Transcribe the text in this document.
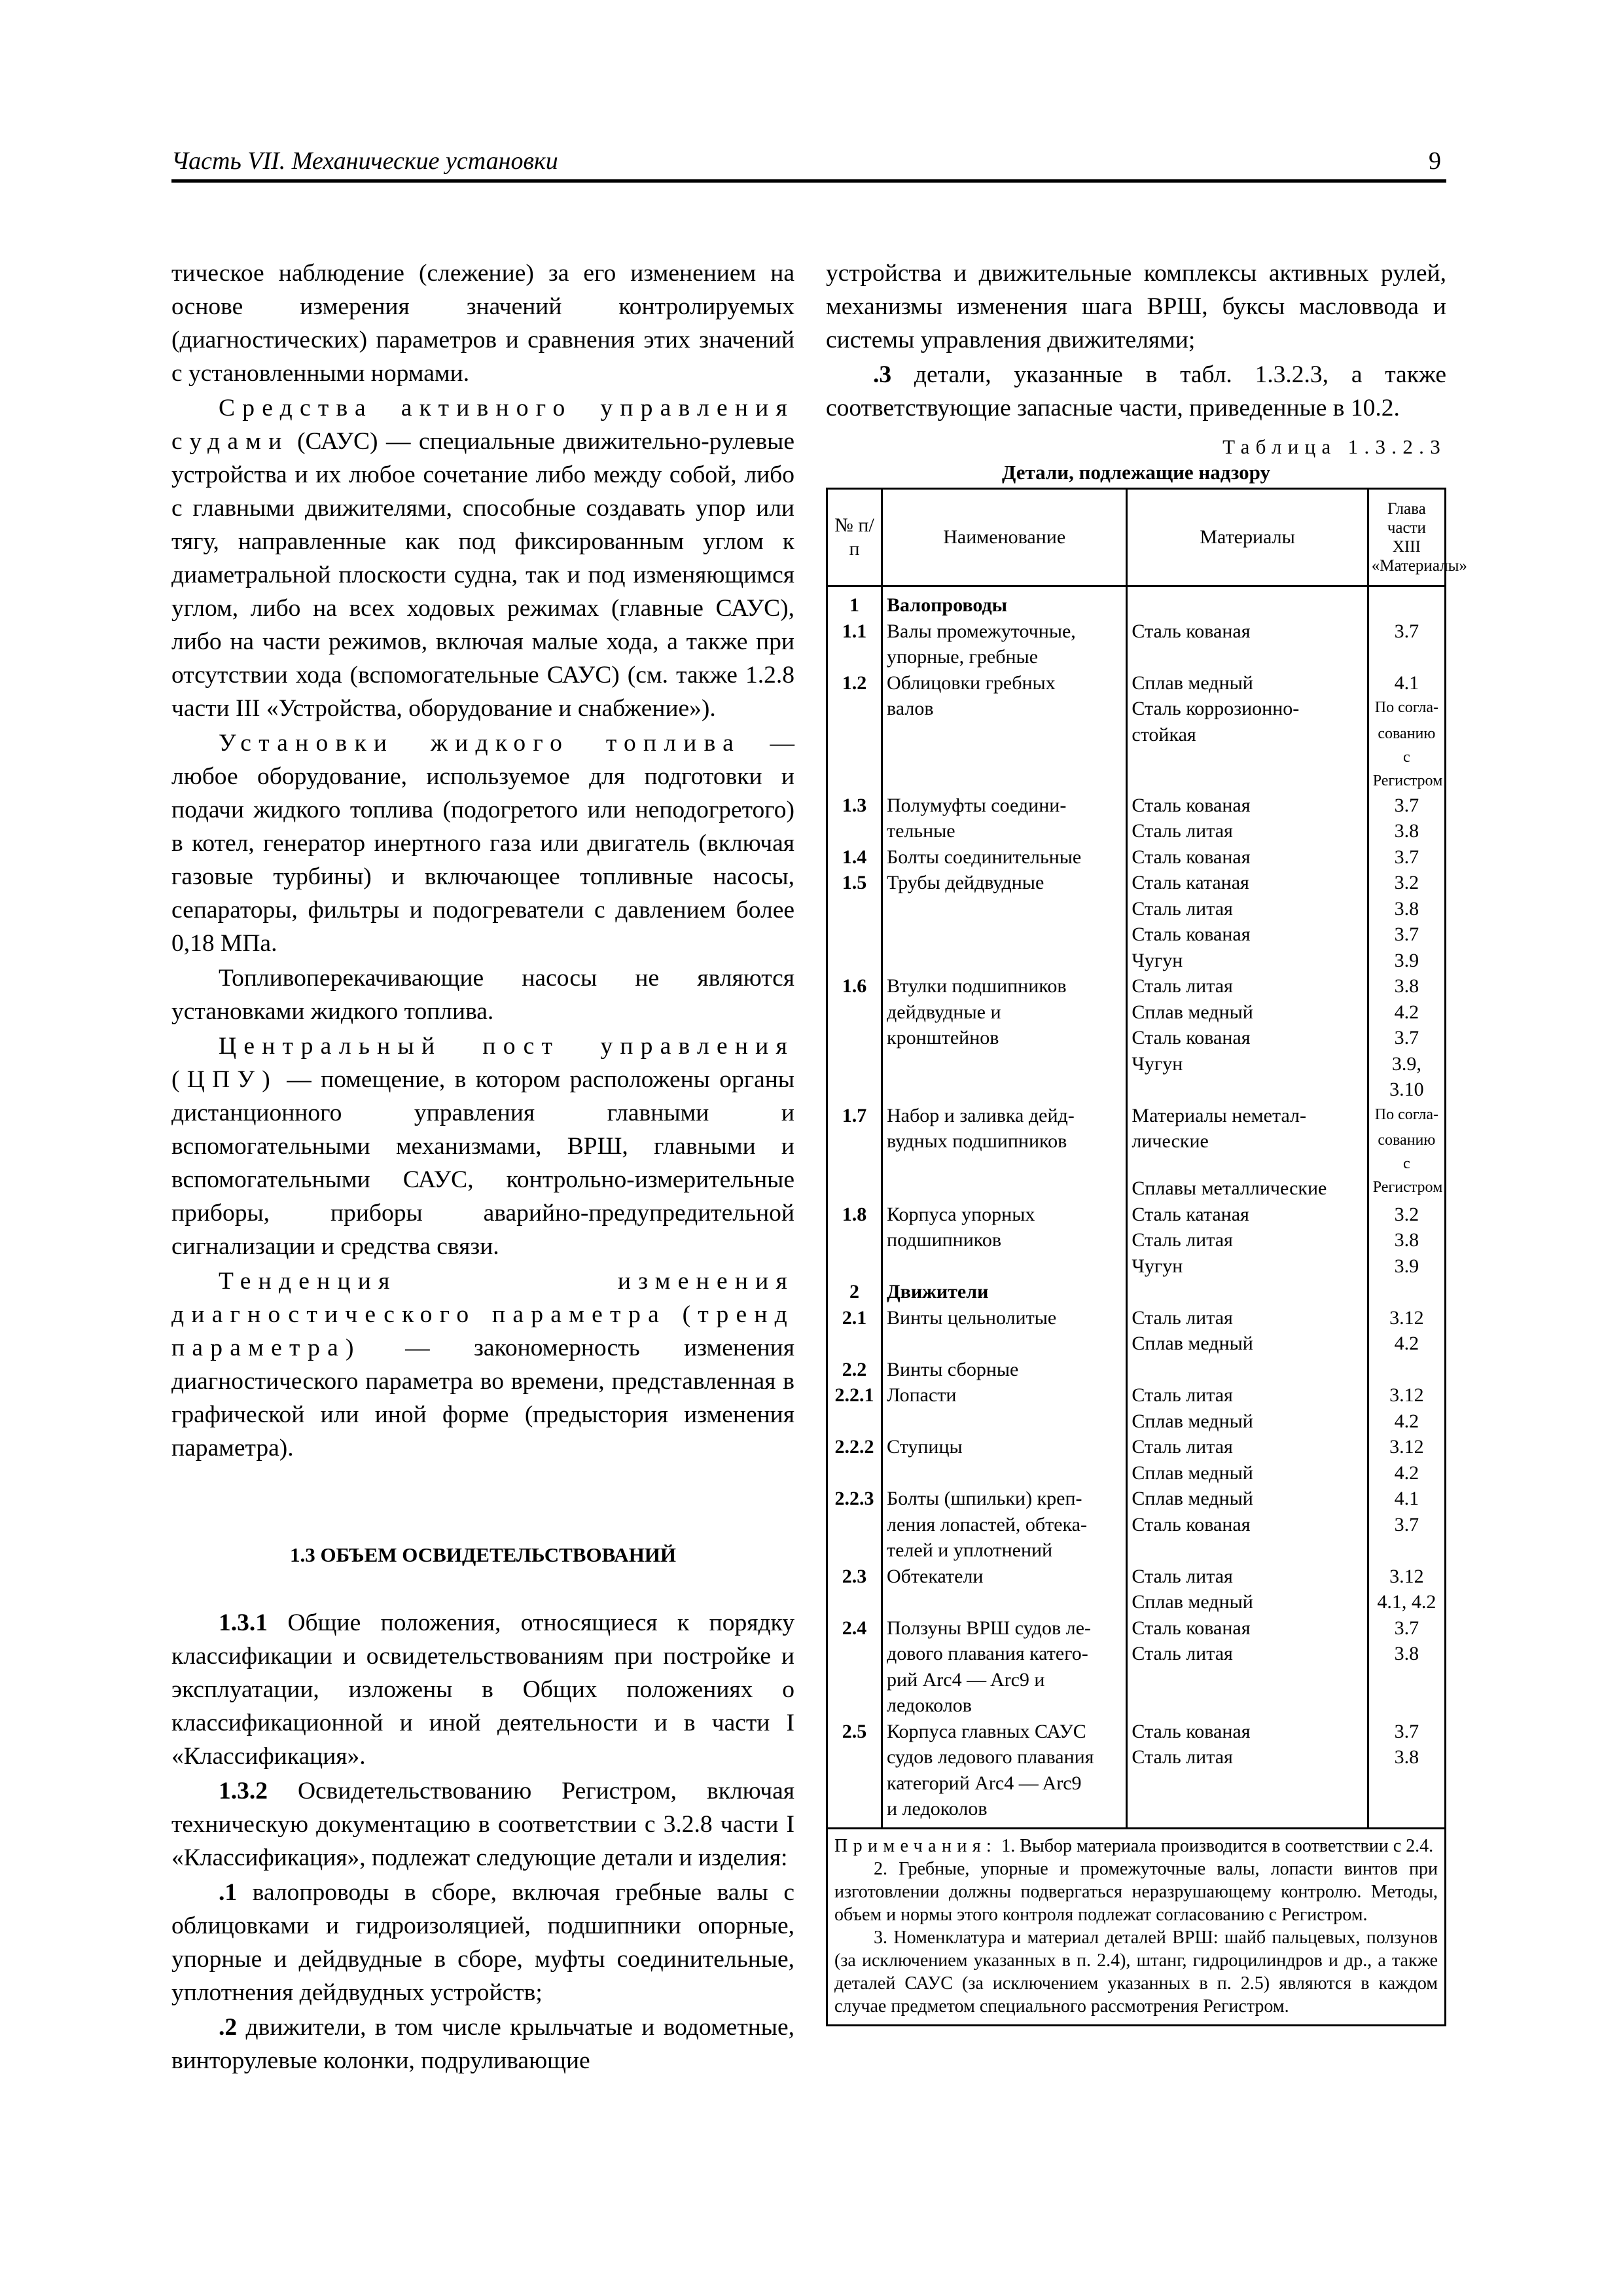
Часть VII. Механические установки	9

тическое наблюдение (слежение) за его изменением на основе измерения значений контролируемых (диагностических) параметров и сравнения этих значений с установленными нормами.

Средства активного управления судами (САУС) — специальные движительно-рулевые устройства и их любое сочетание либо между собой, либо с главными движителями, способные создавать упор или тягу, направленные как под фиксированным углом к диаметральной плоскости судна, так и под изменяющимся углом, либо на всех ходовых режимах (главные САУС), либо на части режимов, включая малые хода, а также при отсутствии хода (вспомогательные САУС) (см. также 1.2.8 части III «Устройства, оборудование и снабжение»).

Установки жидкого топлива — любое оборудование, используемое для подготовки и подачи жидкого топлива (подогретого или неподогретого) в котел, генератор инертного газа или двигатель (включая газовые турбины) и включающее топливные насосы, сепараторы, фильтры и подогреватели с давлением более 0,18 МПа.

Топливоперекачивающие насосы не являются установками жидкого топлива.

Центральный пост управления (ЦПУ) — помещение, в котором расположены органы дистанционного управления главными и вспомогательными механизмами, ВРШ, главными и вспомогательными САУС, контрольно-измерительные приборы, приборы аварийно-предупредительной сигнализации и средства связи.

Тенденция изменения диагностического параметра (тренд параметра) — закономерность изменения диагностического параметра во времени, представленная в графической или иной форме (предыстория изменения параметра).

1.3 ОБЪЕМ ОСВИДЕТЕЛЬСТВОВАНИЙ

1.3.1 Общие положения, относящиеся к порядку классификации и освидетельствованиям при постройке и эксплуатации, изложены в Общих положениях о классификационной и иной деятельности и в части I «Классификация».

1.3.2 Освидетельствованию Регистром, включая техническую документацию в соответствии с 3.2.8 части I «Классификация», подлежат следующие детали и изделия:

.1 валопроводы в сборе, включая гребные валы с облицовками и гидроизоляцией, подшипники опорные, упорные и дейдвудные в сборе, муфты соединительные, уплотнения дейдвудных устройств;

.2 движители, в том числе крыльчатые и водометные, винторулевые колонки, подруливающие

устройства и движительные комплексы активных рулей, механизмы изменения шага ВРШ, буксы масловвода и системы управления движителями;

.3 детали, указанные в табл. 1.3.2.3, а также соответствующие запасные части, приведенные в 10.2.

Таблица 1.3.2.3
Детали, подлежащие надзору
№ п/п	Наименование	Материалы	Глава части XIII «Материалы»
1	Валопроводы		
1.1	Валы промежуточные,	Сталь кованая	3.7
	упорные, гребные		
1.2	Облицовки гребных	Сплав медный	4.1
	валов	Сталь коррозионно-	По согла-
		стойкая	сованию с
			Регистром
1.3	Полумуфты соедини-	Сталь кованая	3.7
	тельные	Сталь литая	3.8
1.4	Болты соединительные	Сталь кованая	3.7
1.5	Трубы дейдвудные	Сталь катаная	3.2
		Сталь литая	3.8
		Сталь кованая	3.7
		Чугун	3.9
1.6	Втулки подшипников	Сталь литая	3.8
	дейдвудные и	Сплав медный	4.2
	кронштейнов	Сталь кованая	3.7
		Чугун	3.9, 3.10
1.7	Набор и заливка дейд-	Материалы неметал-	По согла-
	вудных подшипников	лические	сованию с
		Сплавы металлические	Регистром
1.8	Корпуса упорных	Сталь катаная	3.2
	подшипников	Сталь литая	3.8
		Чугун	3.9
2	Движители		
2.1	Винты цельнолитые	Сталь литая	3.12
		Сплав медный	4.2
2.2	Винты сборные		
2.2.1	Лопасти	Сталь литая	3.12
		Сплав медный	4.2
2.2.2	Ступицы	Сталь литая	3.12
		Сплав медный	4.2
2.2.3	Болты (шпильки) креп-	Сплав медный	4.1
	ления лопастей, обтека-	Сталь кованая	3.7
	телей и уплотнений		
2.3	Обтекатели	Сталь литая	3.12
		Сплав медный	4.1, 4.2
2.4	Ползуны ВРШ судов ле-	Сталь кованая	3.7
	дового плавания катего-	Сталь литая	3.8
	рий Arc4 — Arc9 и		
	ледоколов		
2.5	Корпуса главных САУС	Сталь кованая	3.7
	судов ледового плавания	Сталь литая	3.8
	категорий Arc4 — Arc9		
	и ледоколов		

Примечания: 1. Выбор материала производится в соответствии с 2.4.

2. Гребные, упорные и промежуточные валы, лопасти винтов при изготовлении должны подвергаться неразрушающему контролю. Методы, объем и нормы этого контроля подлежат согласованию с Регистром.

3. Номенклатура и материал деталей ВРШ: шайб пальцевых, ползунов (за исключением указанных в п. 2.4), штанг, гидроцилиндров и др., а также деталей САУС (за исключением указанных в п. 2.5) являются в каждом случае предметом специального рассмотрения Регистром.
